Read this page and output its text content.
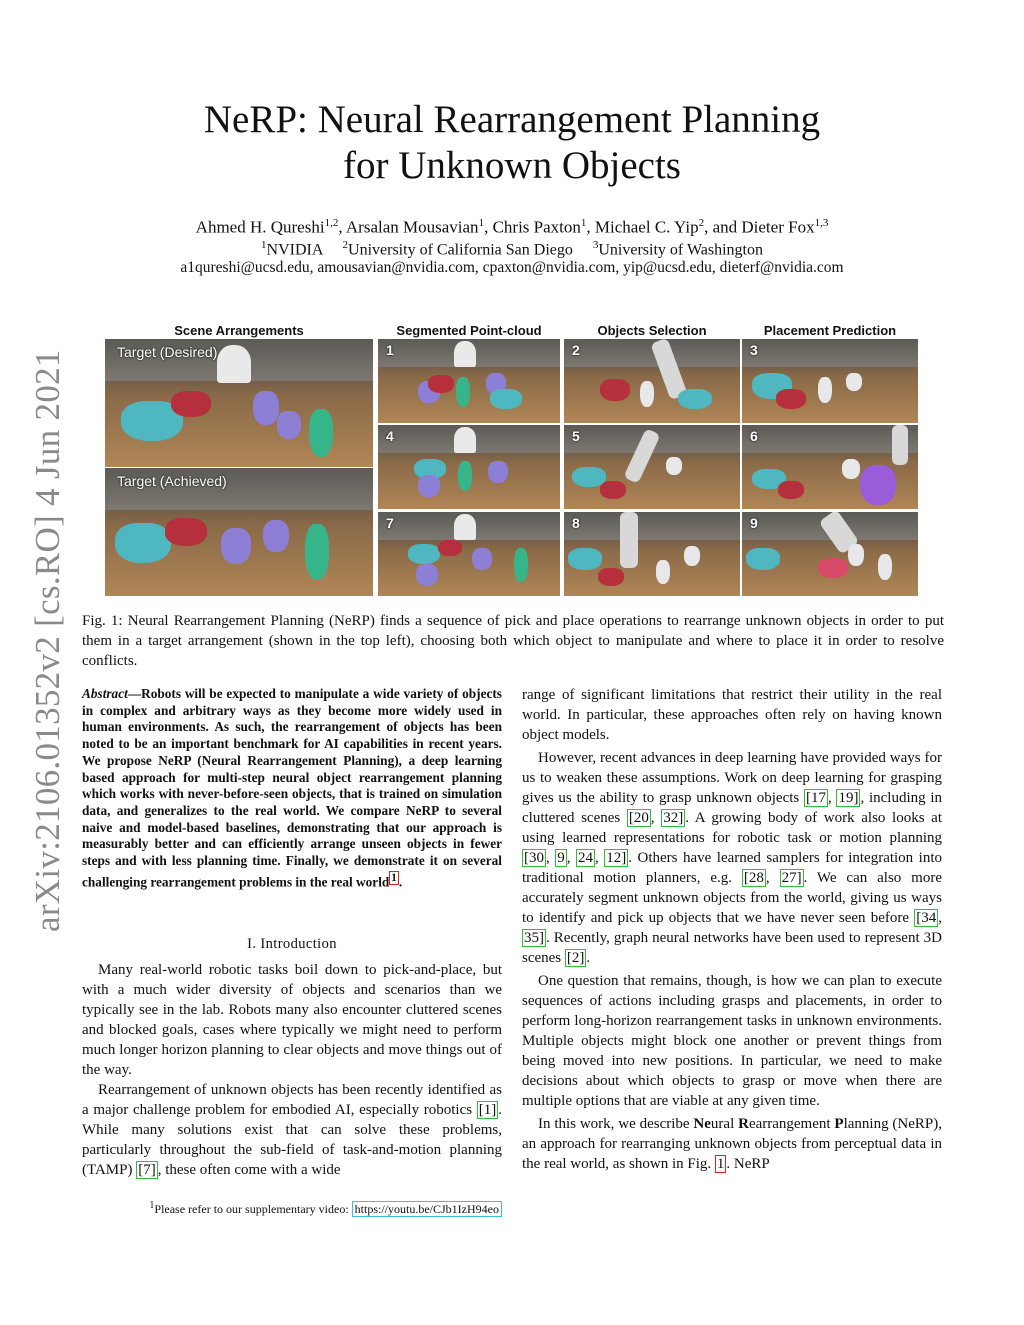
arXiv:2106.01352v2 [cs.RO] 4 Jun 2021
NeRP: Neural Rearrangement Planning
for Unknown Objects
Ahmed H. Qureshi$^{1,2}$, Arsalan Mousavian$^1$, Chris Paxton$^1$, Michael C. Yip$^2$, and Dieter Fox$^{1,3}$
$^1$NVIDIA $^2$University of California San Diego $^3$University of Washington
a1qureshi@ucsd.edu, amousavian@nvidia.com, cpaxton@nvidia.com, yip@ucsd.edu, dieterf@nvidia.com
Scene Arrangements	Segmented Point-cloud	Objects Selection	Placement Prediction
Target (Desired)
Target (Achieved)
1	2	3
4	5	6
7	8	9
Fig. 1: Neural Rearrangement Planning (NeRP) finds a sequence of pick and place operations to rearrange unknown objects in order to put them in a target arrangement (shown in the top left), choosing both which object to manipulate and where to place it in order to resolve conflicts.
Abstract—Robots will be expected to manipulate a wide variety of objects in complex and arbitrary ways as they become more widely used in human environments. As such, the rearrangement of objects has been noted to be an important benchmark for AI capabilities in recent years. We propose NeRP (Neural Rearrangement Planning), a deep learning based approach for multi-step neural object rearrangement planning which works with never-before-seen objects, that is trained on simulation data, and generalizes to the real world. We compare NeRP to several naive and model-based baselines, demonstrating that our approach is measurably better and can efficiently arrange unseen objects in fewer steps and with less planning time. Finally, we demonstrate it on several challenging rearrangement problems in the real world $^1$ .
I. Introduction

Many real-world robotic tasks boil down to pick-and-place, but with a much wider diversity of objects and scenarios than we typically see in the lab. Robots many also encounter cluttered scenes and blocked goals, cases where typically we might need to perform much longer horizon planning to clear objects and move things out of the way.

Rearrangement of unknown objects has been recently identified as a major challenge problem for embodied AI, especially robotics [1] . While many solutions exist that can solve these problems, particularly throughout the sub-field of task-and-motion planning (TAMP) [7] , these often come with a wide

$^1$Please refer to our supplementary video: https://youtu.be/CJb1IzH94eo

range of significant limitations that restrict their utility in the real world. In particular, these approaches often rely on having known object models.

However, recent advances in deep learning have provided ways for us to weaken these assumptions. Work on deep learning for grasping gives us the ability to grasp unknown objects [17 , 19] , including in cluttered scenes [20 , 32] . A growing body of work also looks at using learned representations for robotic task or motion planning [30 , 9 , 24 , 12] . Others have learned samplers for integration into traditional motion planners, e.g. [28 , 27] . We can also more accurately segment unknown objects from the world, giving us ways to identify and pick up objects that we have never seen before [34 , 35] . Recently, graph neural networks have been used to represent 3D scenes [2] .

One question that remains, though, is how we can plan to execute sequences of actions including grasps and placements, in order to perform long-horizon rearrangement tasks in unknown environments. Multiple objects might block one another or prevent things from being moved into new positions. In particular, we need to make decisions about which objects to grasp or move when there are multiple options that are viable at any given time.

In this work, we describe Neural Rearrangement Planning (NeRP), an approach for rearranging unknown objects from perceptual data in the real world, as shown in Fig. 1 . NeRP
